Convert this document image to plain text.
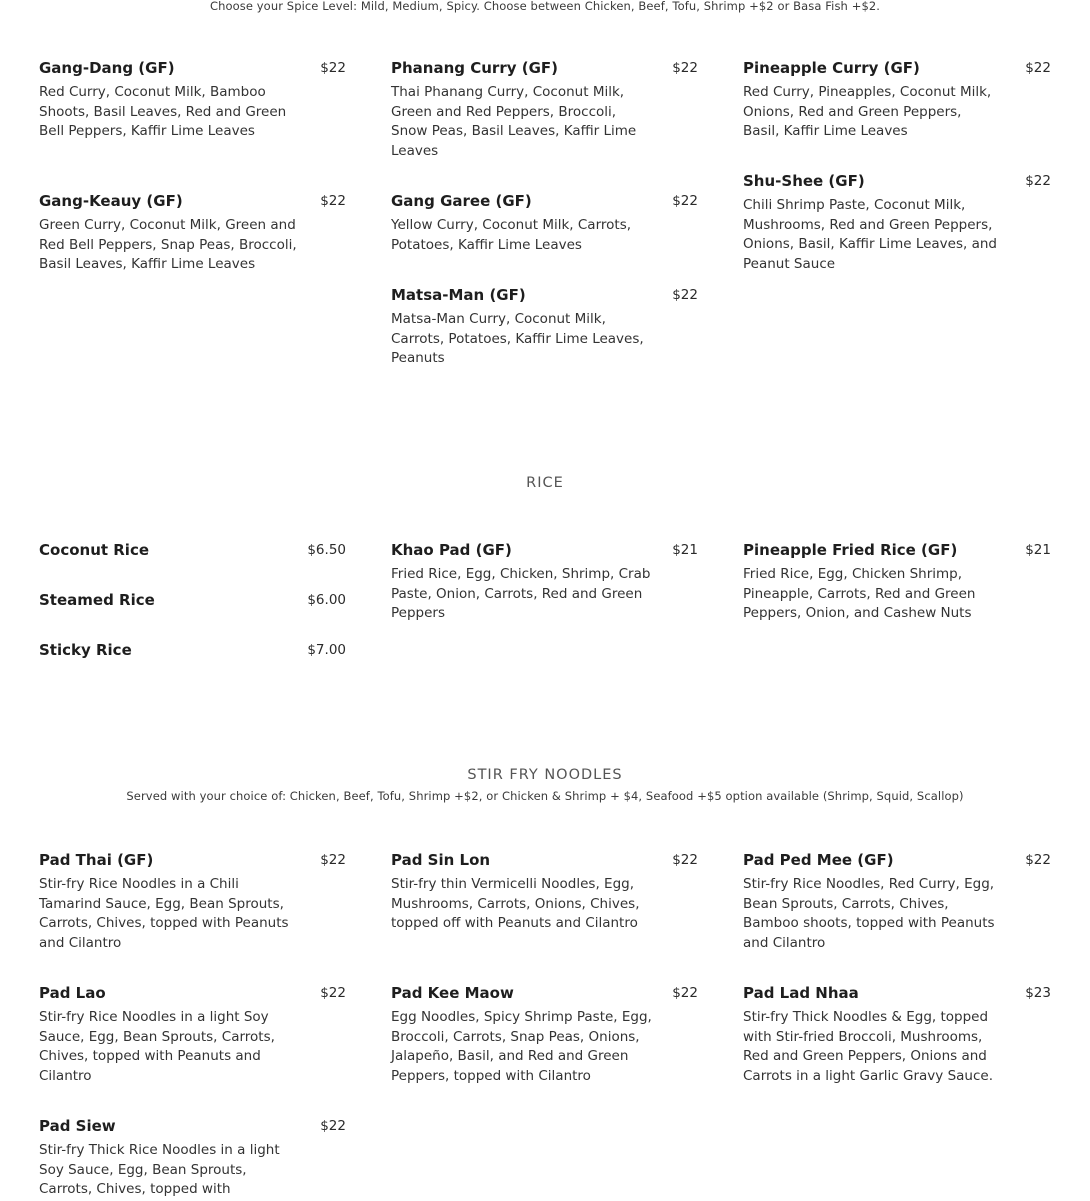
Choose your Spice Level: Mild, Medium, Spicy. Choose between Chicken, Beef, Tofu, Shrimp +$2 or Basa Fish +$2.
Gang-Dang (GF)	$22
Red Curry, Coconut Milk, Bamboo Shoots, Basil Leaves, Red and Green Bell Peppers, Kaffir Lime Leaves
Gang-Keauy (GF)	$22
Green Curry, Coconut Milk, Green and Red Bell Peppers, Snap Peas, Broccoli, Basil Leaves, Kaffir Lime Leaves
Phanang Curry (GF)	$22
Thai Phanang Curry, Coconut Milk, Green and Red Peppers, Broccoli, Snow Peas, Basil Leaves, Kaffir Lime Leaves
Gang Garee (GF)	$22
Yellow Curry, Coconut Milk, Carrots, Potatoes, Kaffir Lime Leaves
Matsa-Man (GF)	$22
Matsa-Man Curry, Coconut Milk, Carrots, Potatoes, Kaffir Lime Leaves, Peanuts
Pineapple Curry (GF)	$22
Red Curry, Pineapples, Coconut Milk, Onions, Red and Green Peppers, Basil, Kaffir Lime Leaves
Shu-Shee (GF)	$22
Chili Shrimp Paste, Coconut Milk, Mushrooms, Red and Green Peppers, Onions, Basil, Kaffir Lime Leaves, and Peanut Sauce
RICE
Coconut Rice	$6.50
Steamed Rice	$6.00
Sticky Rice	$7.00
Khao Pad (GF)	$21
Fried Rice, Egg, Chicken, Shrimp, Crab Paste, Onion, Carrots, Red and Green Peppers
Pineapple Fried Rice (GF)	$21
Fried Rice, Egg, Chicken Shrimp, Pineapple, Carrots, Red and Green Peppers, Onion, and Cashew Nuts
STIR FRY NOODLES
Served with your choice of: Chicken, Beef, Tofu, Shrimp +$2, or Chicken & Shrimp + $4, Seafood +$5 option available (Shrimp, Squid, Scallop)
Pad Thai (GF)	$22
Stir-fry Rice Noodles in a Chili Tamarind Sauce, Egg, Bean Sprouts, Carrots, Chives, topped with Peanuts and Cilantro
Pad Lao	$22
Stir-fry Rice Noodles in a light Soy Sauce, Egg, Bean Sprouts, Carrots, Chives, topped with Peanuts and Cilantro
Pad Siew	$22
Stir-fry Thick Rice Noodles in a light Soy Sauce, Egg, Bean Sprouts, Carrots, Chives, topped with
Pad Sin Lon	$22
Stir-fry thin Vermicelli Noodles, Egg, Mushrooms, Carrots, Onions, Chives, topped off with Peanuts and Cilantro
Pad Kee Maow	$22
Egg Noodles, Spicy Shrimp Paste, Egg, Broccoli, Carrots, Snap Peas, Onions, Jalapeño, Basil, and Red and Green Peppers, topped with Cilantro
Pad Ped Mee (GF)	$22
Stir-fry Rice Noodles, Red Curry, Egg, Bean Sprouts, Carrots, Chives, Bamboo shoots, topped with Peanuts and Cilantro
Pad Lad Nhaa	$23
Stir-fry Thick Noodles & Egg, topped with Stir-fried Broccoli, Mushrooms, Red and Green Peppers, Onions and Carrots in a light Garlic Gravy Sauce.
